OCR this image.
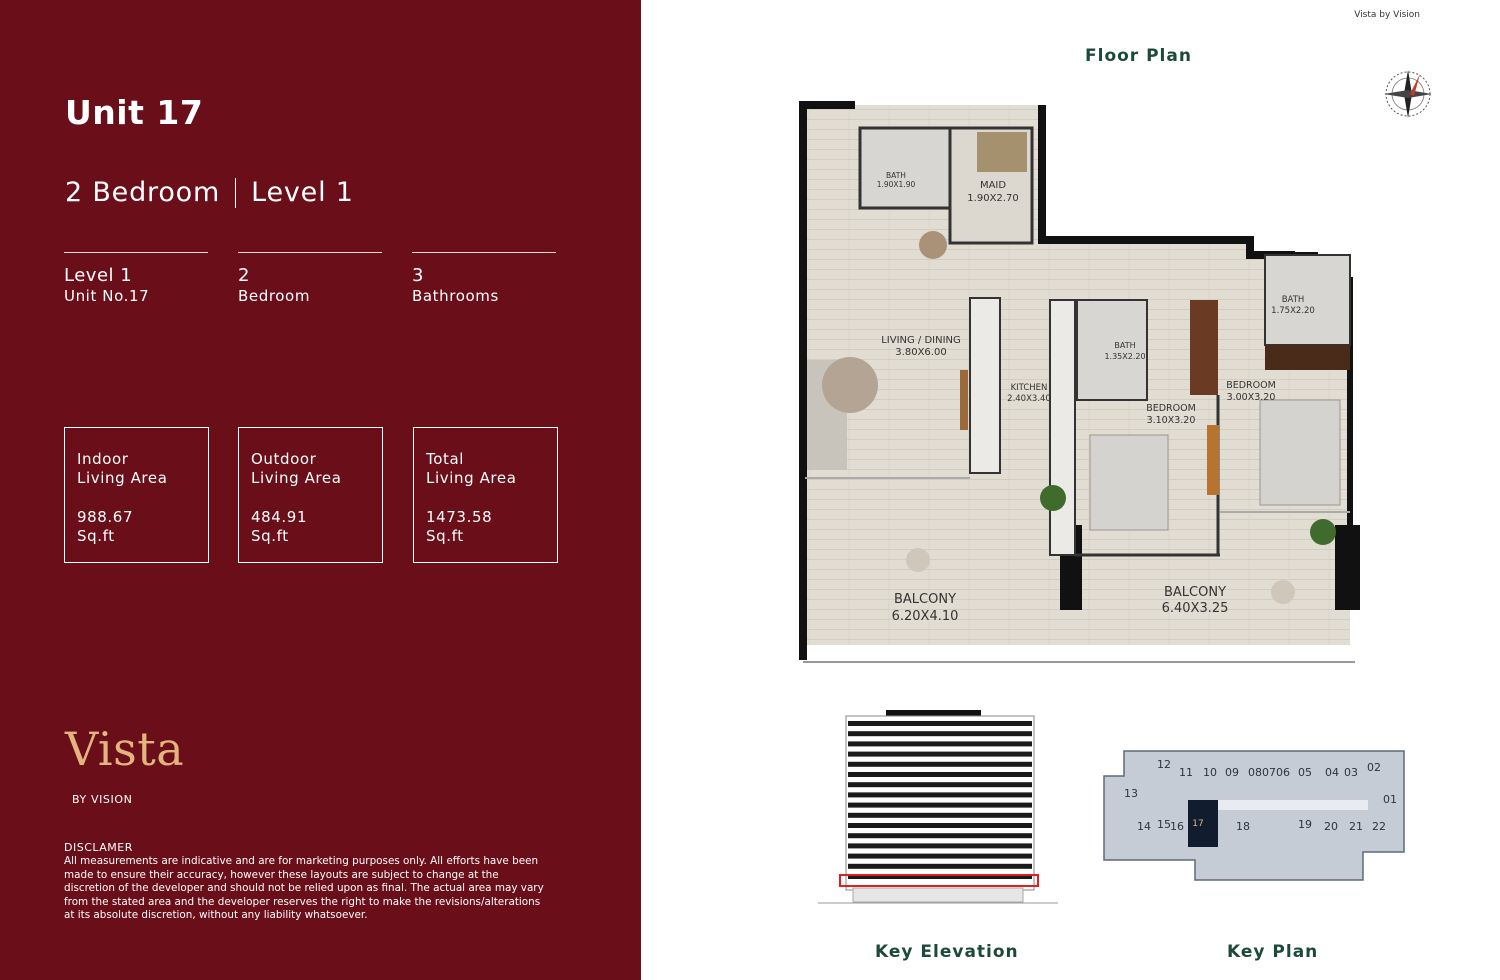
Unit 17
2 Bedroom Level 1
Level 1
Unit No.17
2
Bedroom
3
Bathrooms
Indoor
Living Area
988.67
Sq.ft
Outdoor
Living Area
484.91
Sq.ft
Total
Living Area
1473.58
Sq.ft
Vista
BY VISION
DISCLAMER
All measurements are indicative and are for marketing purposes only. All efforts have been made to ensure their accuracy, however these layouts are subject to change at the discretion of the developer and should not be relied upon as final. The actual area may vary from the stated area and the developer reserves the right to make the revisions/alterations at its absolute discretion, without any liability whatsoever.
Vista by Vision
Floor Plan
BATH
1.90X1.90	MAID
1.90X2.70
LIVING / DINING
3.80X6.00
KITCHEN
2.40X3.40
BATH
1.35X2.20
BATH
1.75X2.20
BEDROOM
3.10X3.20
BEDROOM
3.00X3.20
BALCONY
6.20X4.10
BALCONY
6.40X3.25
12
11 10 09 08 07 06 05 04 03 02
13	01
14 15 16 17	18	19 20 21 22
Key Elevation	Key Plan
